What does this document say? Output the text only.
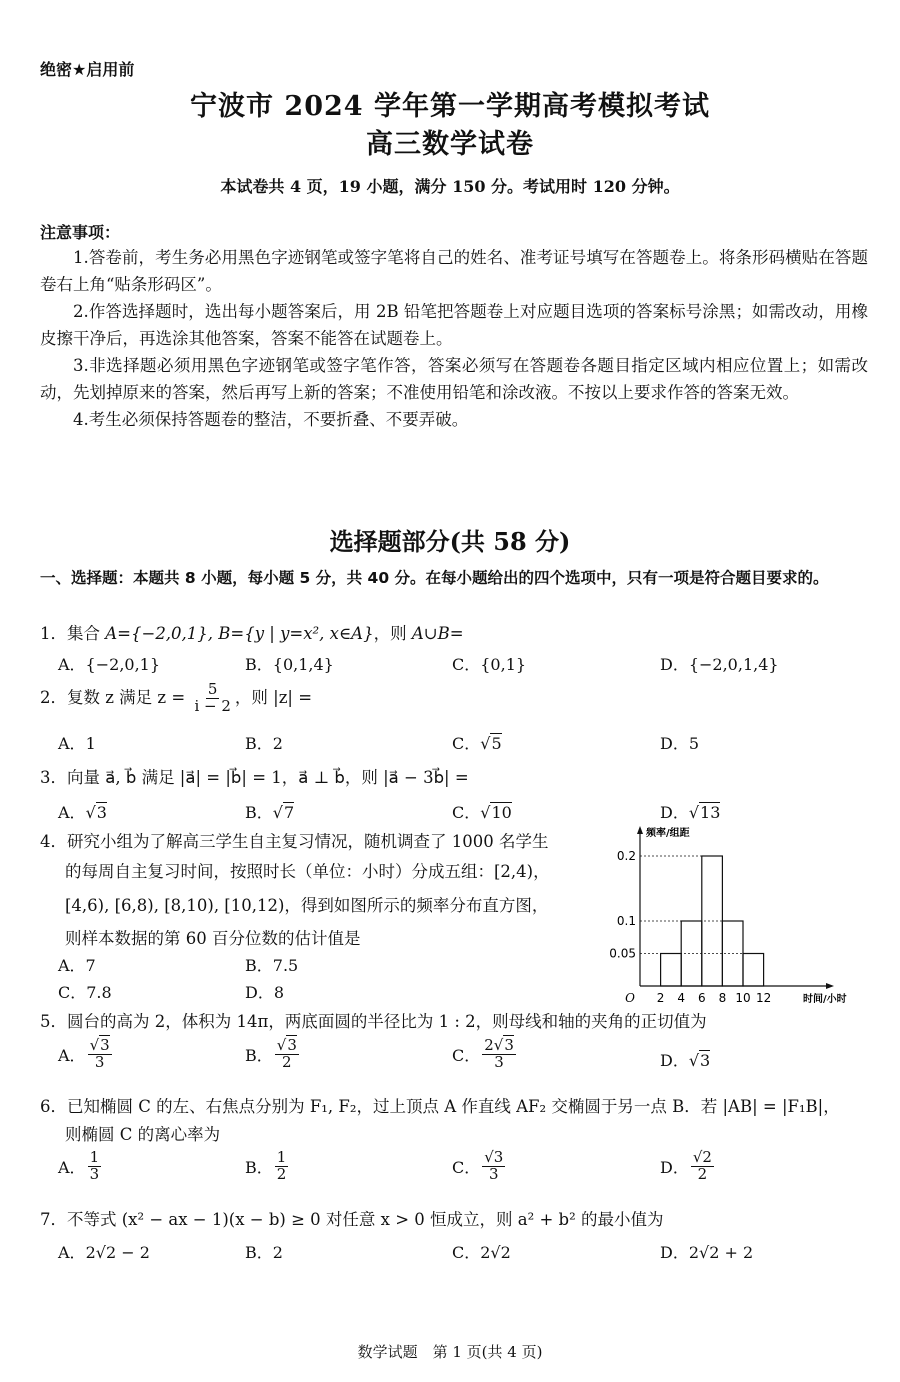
绝密★启用前
宁波市 2024 学年第一学期高考模拟考试
高三数学试卷
本试卷共 4 页，19 小题，满分 150 分。考试用时 120 分钟。
注意事项：

1.答卷前，考生务必用黑色字迹钢笔或签字笔将自己的姓名、准考证号填写在答题卷上。将条形码横贴在答题卷右上角“贴条形码区”。

2.作答选择题时，选出每小题答案后，用 2B 铅笔把答题卷上对应题目选项的答案标号涂黑；如需改动，用橡皮擦干净后，再选涂其他答案，答案不能答在试题卷上。

3.非选择题必须用黑色字迹钢笔或签字笔作答，答案必须写在答题卷各题目指定区域内相应位置上；如需改动，先划掉原来的答案，然后再写上新的答案；不准使用铅笔和涂改液。不按以上要求作答的答案无效。

4.考生必须保持答题卷的整洁，不要折叠、不要弄破。

选择题部分(共 58 分)
一、选择题：本题共 8 小题，每小题 5 分，共 40 分。在每小题给出的四个选项中，只有一项是符合题目要求的。
1．集合 A={−2,0,1}, B={y | y=x², x∈A}，则 A∪B=
A．{−2,0,1}	B．{0,1,4}	C．{0,1}	D．{−2,0,1,4}
2．复数 z 满足 $z = \frac{5}{i - 2}$ ，则 |z| =
A．1	B．2	C．√5	D．5
3．向量 a⃗, b⃗ 满足 |a⃗| = |b⃗| = 1，a⃗ ⊥ b⃗，则 |a⃗ − 3b⃗| =
A．√3	B．√7	C．√10	D．√13
4．研究小组为了解高三学生自主复习情况，随机调查了 1000 名学生
的每周自主复习时间，按照时长（单位：小时）分成五组：[2,4)，
[4,6), [6,8), [8,10), [10,12)，得到如图所示的频率分布直方图，
则样本数据的第 60 百分位数的估计值是
A．7	B．7.5
C．7.8	D．8
0.05
0.1
0.2
2 4 6 8 10 12
O
频率/组距
时间/小时
5．圆台的高为 2，体积为 14π，两底面圆的半径比为 1 : 2，则母线和轴的夹角的正切值为
A． $\frac{√3}{3}$	B． $\frac{√3}{2}$	C． $\frac{2√3}{3}$	D．√3
6．已知椭圆 C 的左、右焦点分别为 F₁, F₂，过上顶点 A 作直线 AF₂ 交椭圆于另一点 B．若 |AB| = |F₁B|，
则椭圆 C 的离心率为
A． $\frac{1}{3}$	B． $\frac{1}{2}$	C． $\frac{√3}{3}$	D． $\frac{√2}{2}$
7．不等式 (x² − ax − 1)(x − b) ≥ 0 对任意 x > 0 恒成立，则 a² + b² 的最小值为
A．2√2 − 2	B．2	C．2√2	D．2√2 + 2
数学试题　第 1 页(共 4 页)
